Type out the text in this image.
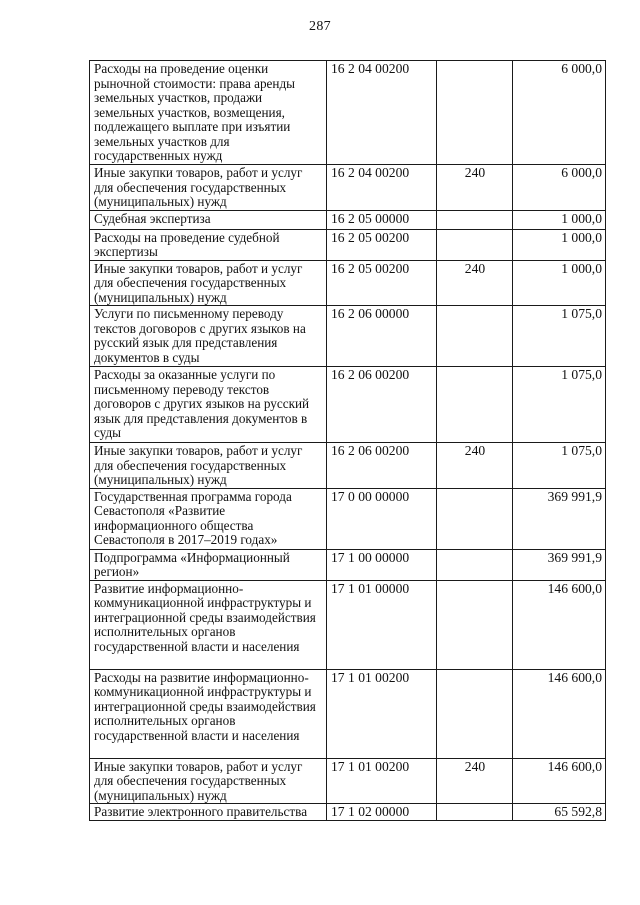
287
Расходы на проведение оценки рыночной стоимости: права аренды земельных участков, продажи земельных участков, возмещения, подлежащего выплате при изъятии земельных участков для государственных нужд	16 2 04 00200		6 000,0
Иные закупки товаров, работ и услуг для обеспечения государственных (муниципальных) нужд	16 2 04 00200	240	6 000,0
Судебная экспертиза	16 2 05 00000		1 000,0
Расходы на проведение судебной экспертизы	16 2 05 00200		1 000,0
Иные закупки товаров, работ и услуг для обеспечения государственных (муниципальных) нужд	16 2 05 00200	240	1 000,0
Услуги по письменному переводу текстов договоров с других языков на русский язык для представления документов в суды	16 2 06 00000		1 075,0
Расходы за оказанные услуги по письменному переводу текстов договоров с других языков на русский язык для представления документов в суды	16 2 06 00200		1 075,0
Иные закупки товаров, работ и услуг для обеспечения государственных (муниципальных) нужд	16 2 06 00200	240	1 075,0
Государственная программа города Севастополя «Развитие информационного общества Севастополя в 2017–2019 годах»	17 0 00 00000		369 991,9
Подпрограмма «Информационный регион»	17 1 00 00000		369 991,9
Развитие информационно-коммуникационной инфраструктуры и интеграционной среды взаимодействия исполнительных органов государственной власти и населения	17 1 01 00000		146 600,0
Расходы на развитие информационно-коммуникационной инфраструктуры и интеграционной среды взаимодействия исполнительных органов государственной власти и населения	17 1 01 00200		146 600,0
Иные закупки товаров, работ и услуг для обеспечения государственных (муниципальных) нужд	17 1 01 00200	240	146 600,0
Развитие электронного правительства	17 1 02 00000		65 592,8
